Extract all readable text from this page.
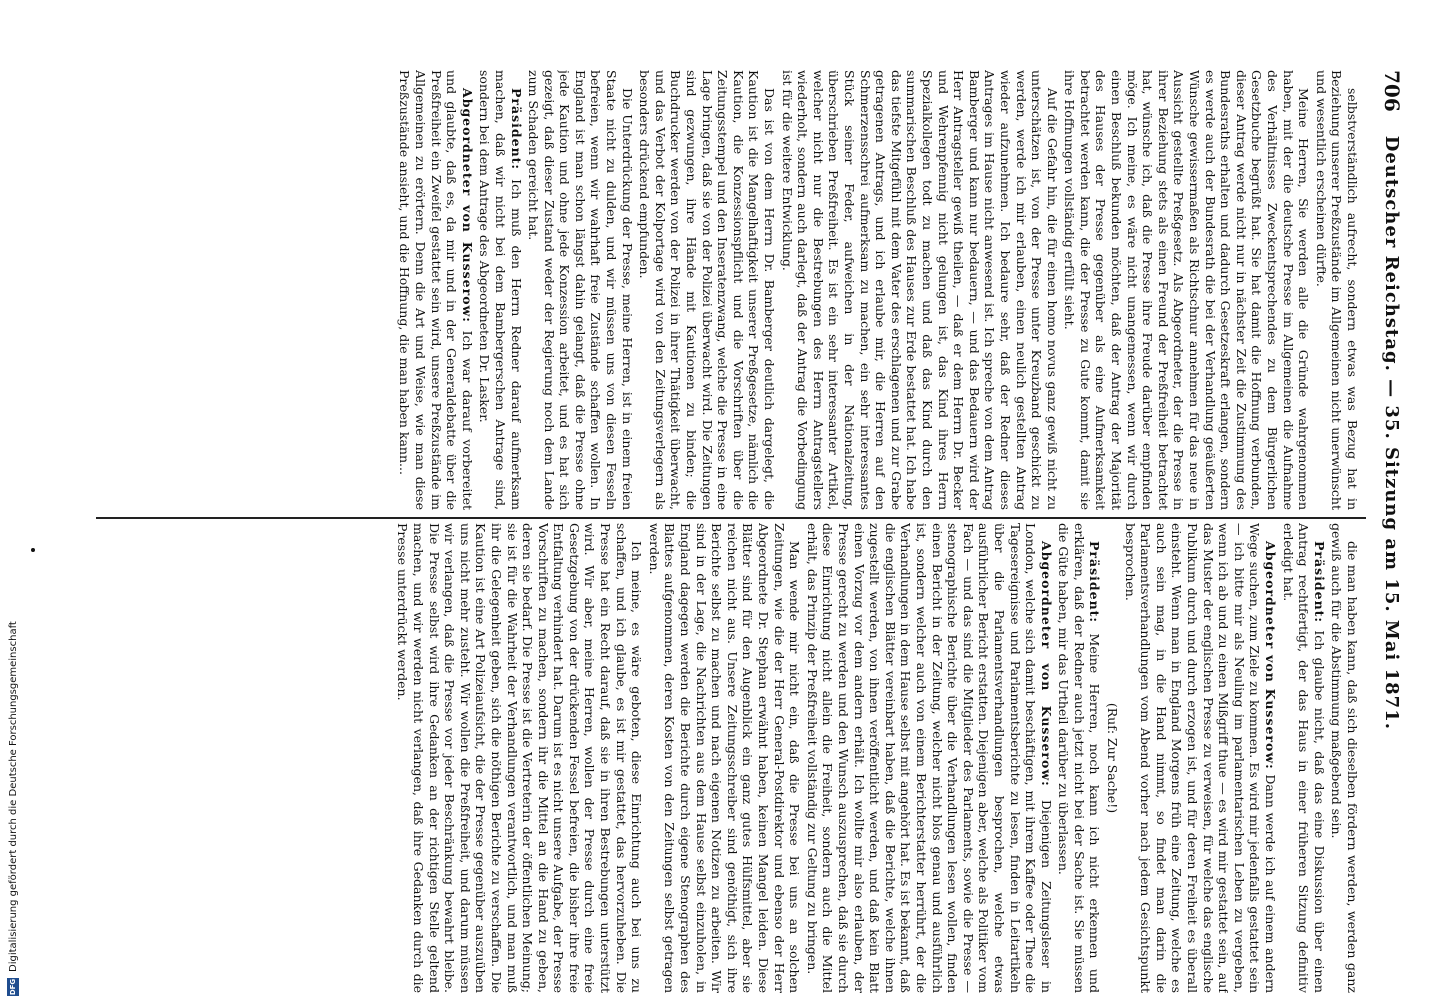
706
Deutscher Reichstag. — 35. Sitzung am 15. Mai 1871.

die man haben kann, daß sich dieselben fördern werden, werden ganz gewiß auch für die Abstimmung maßgebend sein.

Präsident: Ich glaube nicht, daß das eine Diskussion über einen Antrag rechtfertigt, der das Haus in einer früheren Sitzung definitiv erledigt hat.

Abgeordneter von Kusserow: Dann werde ich auf einem andern Wege suchen, zum Ziele zu kommen. Es wird mir jedenfalls gestattet sein — ich bitte mir als Neuling im parlamentarischen Leben zu vergeben, wenn ich ab und zu einen Mißgriff thue — es wird mir gestattet sein, auf das Muster der englischen Presse zu verweisen, für welche das englische Publikum durch und durch erzogen ist, und für deren Freiheit es überall einsteht. Wenn man in England Morgens früh eine Zeitung, welche es auch sein mag, in die Hand nimmt, so findet man darin die Parlamentsverhandlungen vom Abend vorher nach jedem Gesichtspunkt besprochen.

(Ruf: Zur Sache!)

Präsident: Meine Herren, noch kann ich nicht erkennen und erklären, daß der Redner auch jetzt nicht bei der Sache ist. Sie müssen die Güte haben, mir das Urtheil darüber zu überlassen.

Abgeordneter von Kusserow: Diejenigen Zeitungsleser in London, welche sich damit beschäftigen, mit ihrem Kaffee oder Thee die Tagesereignisse und Parlamentsberichte zu lesen, finden in Leitartikeln über die Parlamentsverhandlungen besprochen, welche etwas ausführlicher Bericht erstatten. Diejenigen aber, welche als Politiker vom Fach — und das sind die Mitglieder des Parlaments, sowie die Presse — stenographische Berichte über die Verhandlungen lesen wollen, finden einen Bericht in der Zeitung, welcher nicht blos genau und ausführlich ist, sondern welcher auch von einem Berichterstatter herrührt, der die Verhandlungen in dem Hause selbst mit angehört hat. Es ist bekannt, daß die englischen Blätter vereinbart haben, daß die Berichte, welche ihnen zugestellt werden, von ihnen veröffentlicht werden, und daß kein Blatt einen Vorzug vor dem andern erhält. Ich wollte mir also erlauben, der Presse gerecht zu werden und den Wunsch auszusprechen, daß sie durch diese Einrichtung nicht allein die Freiheit, sondern auch die Mittel erhält, das Prinzip der Preßfreiheit vollständig zur Geltung zu bringen.

Man wende mir nicht ein, daß die Presse bei uns an solchen Zeitungen, wie die der Herr General-Postdirektor und ebenso der Herr Abgeordnete Dr. Stephan erwähnt haben, keinen Mangel leiden. Diese Blätter sind für den Augenblick ein ganz gutes Hülfsmittel, aber sie reichen nicht aus. Unsere Zeitungsschreiber sind genöthigt, sich ihre Berichte selbst zu machen und nach eigenen Notizen zu arbeiten. Wir sind in der Lage, die Nachrichten aus dem Hause selbst einzuholen, in England dagegen werden die Berichte durch eigene Stenographen des Blattes aufgenommen, deren Kosten von den Zeitungen selbst getragen werden.

Ich meine, es wäre geboten, diese Einrichtung auch bei uns zu schaffen, und ich glaube, es ist mir gestattet, das hervorzuheben. Die Presse hat ein Recht darauf, daß sie in ihren Bestrebungen unterstützt wird. Wir aber, meine Herren, wollen der Presse durch eine freie Gesetzgebung von der drückenden Fessel befreien, die bisher ihre freie Entfaltung verhindert hat. Darum ist es nicht unsere Aufgabe, der Presse Vorschriften zu machen, sondern ihr die Mittel an die Hand zu geben, deren sie bedarf. Die Presse ist die Vertreterin der öffentlichen Meinung; sie ist für die Wahrheit der Verhandlungen verantwortlich, und man muß ihr die Gelegenheit geben, sich die nöthigen Berichte zu verschaffen. Die Kaution ist eine Art Polizeiaufsicht, die der Presse gegenüber auszuüben uns nicht mehr zusteht. Wir wollen die Preßfreiheit, und darum müssen wir verlangen, daß die Presse vor jeder Beschränkung bewahrt bleibe. Die Presse selbst wird ihre Gedanken an der richtigen Stelle geltend machen, und wir werden nicht verlangen, daß ihre Gedanken durch die Presse unterdrückt werden.

selbstverständlich aufrecht, sondern etwas was Bezug hat in Beziehung unserer Preßzustände im Allgemeinen nicht unerwünscht und wesentlich erscheinen dürfte.

Meine Herren, Sie werden alle die Gründe wahrgenommen haben, mit der die deutsche Presse im Allgemeinen die Aufnahme des Verhältnisses Zweckentsprechendes zu dem Bürgerlichen Gesetzbuche begrüßt hat. Sie hat damit die Hoffnung verbunden, dieser Antrag werde nicht nur in nächster Zeit die Zustimmung des Bundesraths erhalten und dadurch Gesetzeskraft erlangen, sondern es werde auch der Bundesrath die bei der Verhandlung geäußerten Wünsche gewissermaßen als Richtschnur annehmen für das neue in Aussicht gestellte Preßgesetz. Als Abgeordneter, der die Presse in ihrer Beziehung stets als einen Freund der Preßfreiheit betrachtet hat, wünsche ich, daß die Presse ihre Freude darüber empfinden möge. Ich meine, es wäre nicht unangemessen, wenn wir durch einen Beschluß bekunden möchten, daß der Antrag der Majorität des Hauses der Presse gegenüber als eine Aufmerksamkeit betrachtet werden kann, die der Presse zu Gute kommt, damit sie ihre Hoffnungen vollständig erfüllt sieht.

Auf die Gefahr hin, die für einen homo novus ganz gewiß nicht zu unterschätzen ist, von der Presse unter Kreuzband geschickt zu werden, werde ich mir erlauben, einen neulich gestellten Antrag wieder aufzunehmen. Ich bedaure sehr, daß der Redner dieses Antrages im Hause nicht anwesend ist. Ich spreche von dem Antrag Bamberger und kann nur bedauern, — und das Bedauern wird der Herr Antragsteller gewiß theilen, — daß er dem Herrn Dr. Becker und Wehrenpfennig nicht gelungen ist, das Kind ihres Herrn Spezialkollegen todt zu machen und daß das Kind durch den summarischen Beschluß des Hauses zur Erde bestattet hat. Ich habe das tiefste Mitgefühl mit dem Vater des erschlagenen und zur Grabe getragenen Antrags, und ich erlaube mir, die Herren auf den Schmerzensschrei aufmerksam zu machen, ein sehr interessantes Stück seiner Feder, aufweichen in der Nationalzeitung, überschrieben Preßfreiheit. Es ist ein sehr interessanter Artikel, welcher nicht nur die Bestrebungen des Herrn Antragstellers wiederholt, sondern auch darlegt, daß der Antrag die Vorbedingung ist für die weitere Entwicklung.

Das ist von dem Herrn Dr. Bamberger deutlich dargelegt, die Kaution ist die Mangelhaftigkeit unserer Preßgesetze, nämlich die Kaution, die Konzessionspflicht und die Vorschriften über die Zeitungsstempel und den Inseratenzwang, welche die Presse in eine Lage bringen, daß sie von der Polizei überwacht wird. Die Zeitungen sind gezwungen, ihre Hände mit Kautionen zu binden; die Buchdrucker werden von der Polizei in ihrer Thätigkeit überwacht, und das Verbot der Kolportage wird von den Zeitungsverlegern als besonders drückend empfunden.

Die Unterdrückung der Presse, meine Herren, ist in einem freien Staate nicht zu dulden, und wir müssen uns von diesen Fesseln befreien, wenn wir wahrhaft freie Zustände schaffen wollen. In England ist man schon längst dahin gelangt, daß die Presse ohne jede Kaution und ohne jede Konzession arbeitet, und es hat sich gezeigt, daß dieser Zustand weder der Regierung noch dem Lande zum Schaden gereicht hat.

Präsident: Ich muß den Herrn Redner darauf aufmerksam machen, daß wir nicht bei dem Bambergerschen Antrage sind, sondern bei dem Antrage des Abgeordneten Dr. Lasker.

Abgeordneter von Kusserow: Ich war darauf vorbereitet und glaubte, daß es, da mir und in der Generaldebatte über die Preßfreiheit ein Zweifel gestattet sein wird, unsere Preßzustände im Allgemeinen zu erörtern. Denn die Art und Weise, wie man diese Preßzustände ansieht, und die Hoffnung, die man haben kann...

DFG
Digitalisierung gefördert durch die Deutsche Forschungsgemeinschaft
